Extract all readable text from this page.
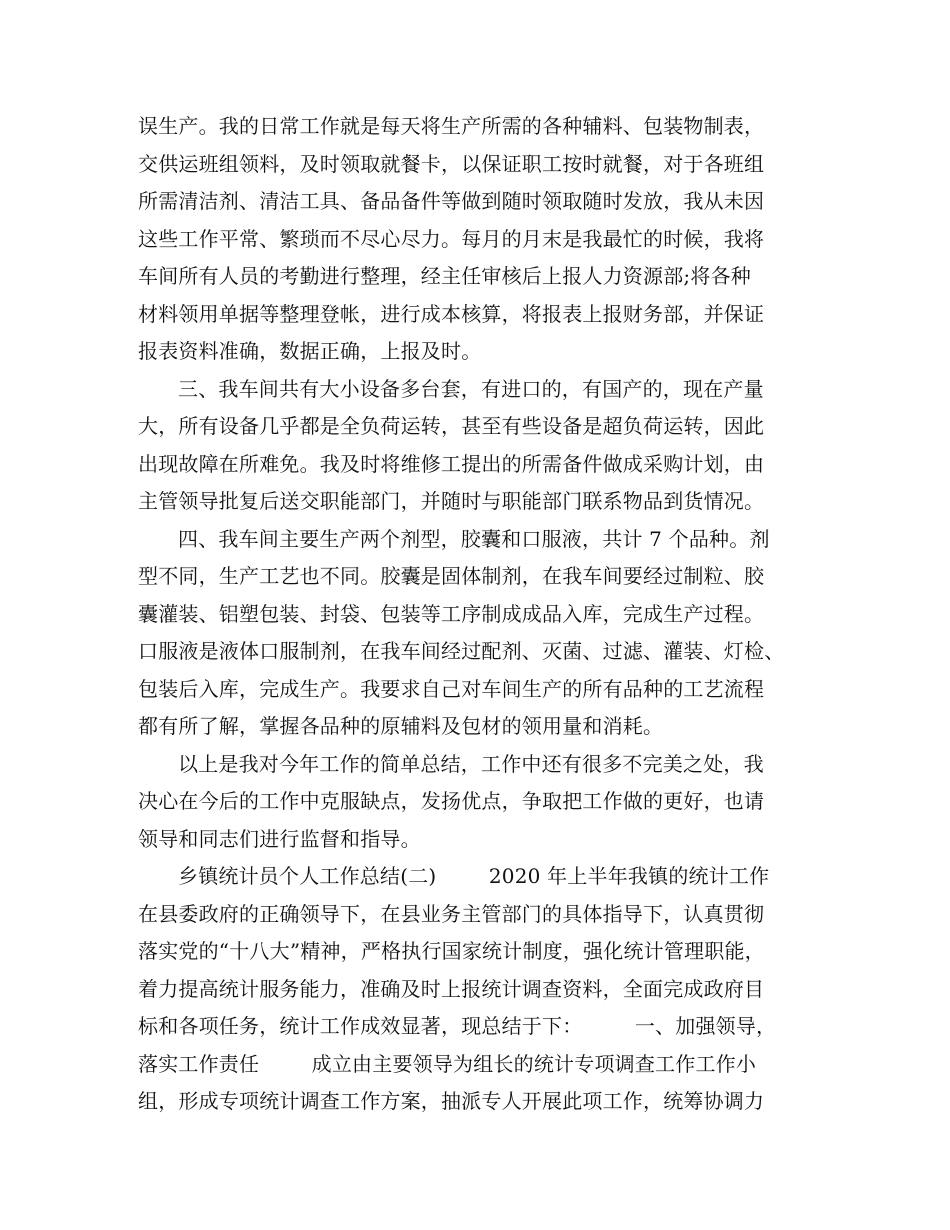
误生产。我的日常工作就是每天将生产所需的各种辅料、包装物制表，
交供运班组领料，及时领取就餐卡，以保证职工按时就餐，对于各班组
所需清洁剂、清洁工具、备品备件等做到随时领取随时发放，我从未因
这些工作平常、繁琐而不尽心尽力。每月的月末是我最忙的时候，我将
车间所有人员的考勤进行整理，经主任审核后上报人力资源部;将各种
材料领用单据等整理登帐，进行成本核算，将报表上报财务部，并保证
报表资料准确，数据正确，上报及时。
三、我车间共有大小设备多台套，有进口的，有国产的，现在产量
大，所有设备几乎都是全负荷运转，甚至有些设备是超负荷运转，因此
出现故障在所难免。我及时将维修工提出的所需备件做成采购计划，由
主管领导批复后送交职能部门，并随时与职能部门联系物品到货情况。
四、我车间主要生产两个剂型，胶囊和口服液，共计 7 个品种。剂
型不同，生产工艺也不同。胶囊是固体制剂，在我车间要经过制粒、胶
囊灌装、铝塑包装、封袋、包装等工序制成成品入库，完成生产过程。
口服液是液体口服制剂，在我车间经过配剂、灭菌、过滤、灌装、灯检、
包装后入库，完成生产。我要求自己对车间生产的所有品种的工艺流程
都有所了解，掌握各品种的原辅料及包材的领用量和消耗。
以上是我对今年工作的简单总结，工作中还有很多不完美之处，我
决心在今后的工作中克服缺点，发扬优点，争取把工作做的更好，也请
领导和同志们进行监督和指导。
乡镇统计员个人工作总结(二)        2020 年上半年我镇的统计工作
在县委政府的正确领导下，在县业务主管部门的具体指导下，认真贯彻
落实党的“十八大”精神，严格执行国家统计制度，强化统计管理职能，
着力提高统计服务能力，准确及时上报统计调查资料，全面完成政府目
标和各项任务，统计工作成效显著，现总结于下：        一、加强领导，
落实工作责任        成立由主要领导为组长的统计专项调查工作工作小
组，形成专项统计调查工作方案，抽派专人开展此项工作，统筹协调力
